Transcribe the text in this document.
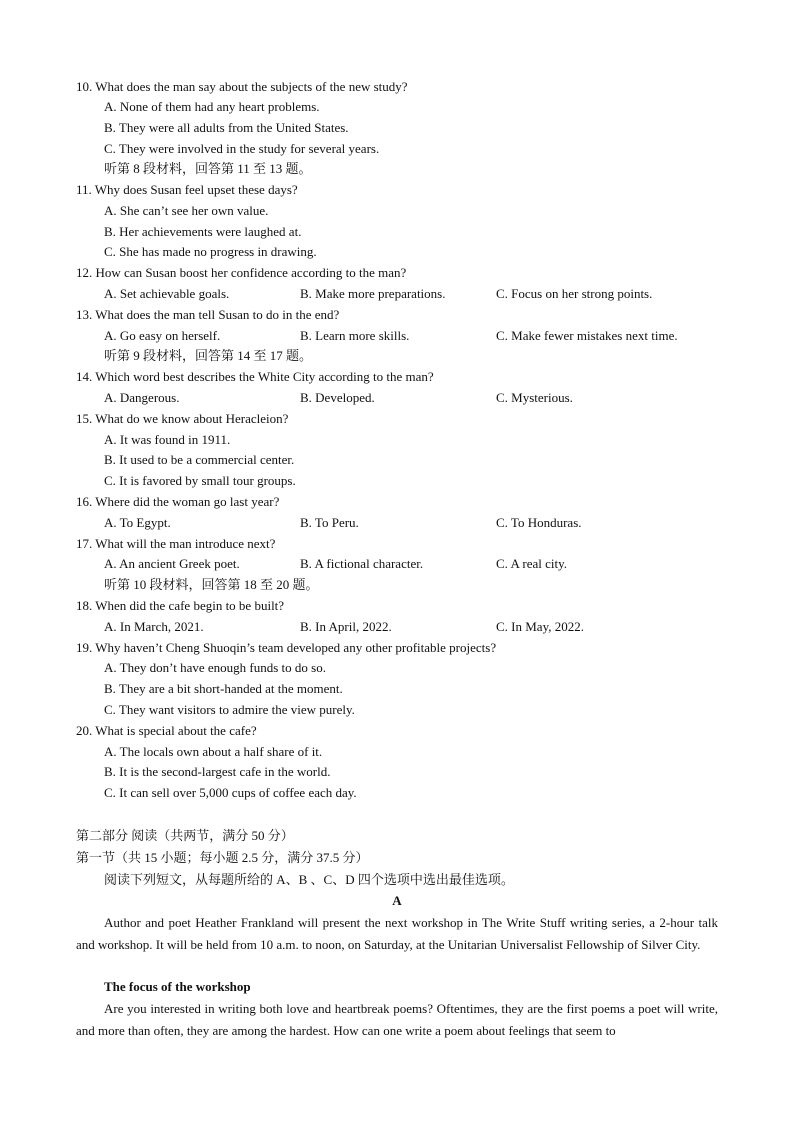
10. What does the man say about the subjects of the new study?
A. None of them had any heart problems.
B. They were all adults from the United States.
C. They were involved in the study for several years.
听第 8 段材料，回答第 11 至 13 题。
11. Why does Susan feel upset these days?
A. She can’t see her own value.
B. Her achievements were laughed at.
C. She has made no progress in drawing.
12. How can Susan boost her confidence according to the man?
A. Set achievable goals.	B. Make more preparations.	C. Focus on her strong points.
13. What does the man tell Susan to do in the end?
A. Go easy on herself.	B. Learn more skills.	C. Make fewer mistakes next time.
听第 9 段材料，回答第 14 至 17 题。
14. Which word best describes the White City according to the man?
A. Dangerous.	B. Developed.	C. Mysterious.
15. What do we know about Heracleion?
A. It was found in 1911.
B. It used to be a commercial center.
C. It is favored by small tour groups.
16. Where did the woman go last year?
A. To Egypt.	B. To Peru.	C. To Honduras.
17. What will the man introduce next?
A. An ancient Greek poet.	B. A fictional character.	C. A real city.
听第 10 段材料，回答第 18 至 20 题。
18. When did the cafe begin to be built?
A. In March, 2021.	B. In April, 2022.	C. In May, 2022.
19. Why haven’t Cheng Shuoqin’s team developed any other profitable projects?
A. They don’t have enough funds to do so.
B. They are a bit short-handed at the moment.
C. They want visitors to admire the view purely.
20. What is special about the cafe?
A. The locals own about a half share of it.
B. It is the second-largest cafe in the world.
C. It can sell over 5,000 cups of coffee each day.
第二部分 阅读（共两节，满分 50 分）
第一节（共 15 小题；每小题 2.5 分，满分 37.5 分）
阅读下列短文，从每题所给的 A、B 、C、D 四个选项中选出最佳选项。
A
Author and poet Heather Frankland will present the next workshop in The Write Stuff writing series, a 2-hour talk and workshop. It will be held from 10 a.m. to noon, on Saturday, at the Unitarian Universalist Fellowship of Silver City.
The focus of the workshop
Are you interested in writing both love and heartbreak poems? Oftentimes, they are the first poems a poet will write, and more than often, they are among the hardest. How can one write a poem about feelings that seem to
